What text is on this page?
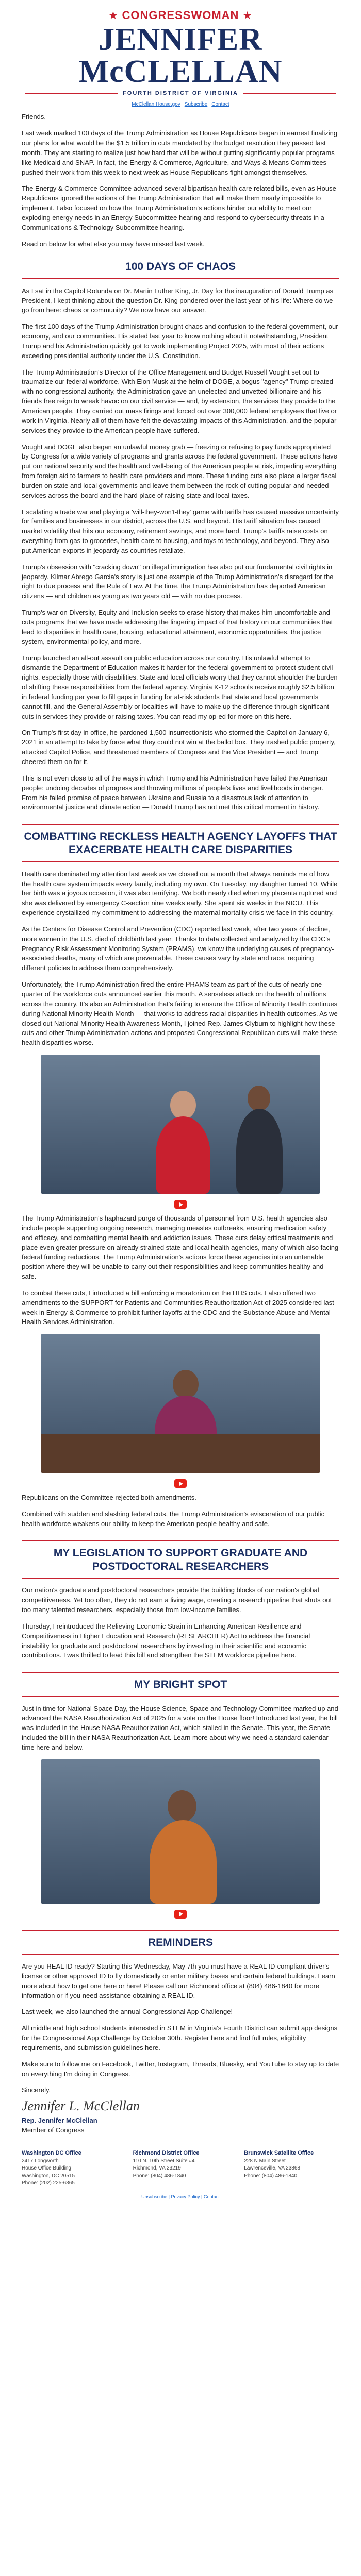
★ CONGRESSWOMAN ★
JENNIFER
McCLELLAN
FOURTH DISTRICT OF VIRGINIA
McClellan.House.gov Subscribe Contact

Friends,

Last week marked 100 days of the Trump Administration as House Republicans began in earnest finalizing our plans for what would be the $1.5 trillion in cuts mandated by the budget resolution they passed last month. They are starting to realize just how hard that will be without gutting significantly popular programs like Medicaid and SNAP. In fact, the Energy & Commerce, Agriculture, and Ways & Means Committees pushed their work from this week to next week as House Republicans fight amongst themselves.

The Energy & Commerce Committee advanced several bipartisan health care related bills, even as House Republicans ignored the actions of the Trump Administration that will make them nearly impossible to implement. I also focused on how the Trump Administration's actions hinder our ability to meet our exploding energy needs in an Energy Subcommittee hearing and respond to cybersecurity threats in a Communications & Technology Subcommittee hearing.

Read on below for what else you may have missed last week.

100 DAYS OF CHAOS

As I sat in the Capitol Rotunda on Dr. Martin Luther King, Jr. Day for the inauguration of Donald Trump as President, I kept thinking about the question Dr. King pondered over the last year of his life: Where do we go from here: chaos or community? We now have our answer.

The first 100 days of the Trump Administration brought chaos and confusion to the federal government, our economy, and our communities. His stated last year to know nothing about it notwithstanding, President Trump and his Administration quickly got to work implementing Project 2025, with most of their actions exceeding presidential authority under the U.S. Constitution.

The Trump Administration's Director of the Office Management and Budget Russell Vought set out to traumatize our federal workforce. With Elon Musk at the helm of DOGE, a bogus "agency" Trump created with no congressional authority, the Administration gave an unelected and unvetted billionaire and his friends free reign to wreak havoc on our civil service — and, by extension, the services they provide to the American people. They carried out mass firings and forced out over 300,000 federal employees that live or work in Virginia. Nearly all of them have felt the devastating impacts of this Administration, and the popular services they provide to the American people have suffered.

Vought and DOGE also began an unlawful money grab — freezing or refusing to pay funds appropriated by Congress for a wide variety of programs and grants across the federal government. These actions have put our national security and the health and well-being of the American people at risk, impeding everything from foreign aid to farmers to health care providers and more. These funding cuts also place a larger fiscal burden on state and local governments and leave them between the rock of cutting popular and needed services across the board and the hard place of raising state and local taxes.

Escalating a trade war and playing a 'will-they-won't-they' game with tariffs has caused massive uncertainty for families and businesses in our district, across the U.S. and beyond. His tariff situation has caused market volatility that hits our economy, retirement savings, and more hard. Trump's tariffs raise costs on everything from gas to groceries, health care to housing, and toys to technology, and beyond. They also put American exports in jeopardy as countries retaliate.

Trump's obsession with "cracking down" on illegal immigration has also put our fundamental civil rights in jeopardy. Kilmar Abrego Garcia's story is just one example of the Trump Administration's disregard for the right to due process and the Rule of Law. At the time, the Trump Administration has deported American citizens — and children as young as two years old — with no due process.

Trump's war on Diversity, Equity and Inclusion seeks to erase history that makes him uncomfortable and cuts programs that we have made addressing the lingering impact of that history on our communities that lead to disparities in health care, housing, educational attainment, economic opportunities, the justice system, environmental policy, and more.

Trump launched an all-out assault on public education across our country. His unlawful attempt to dismantle the Department of Education makes it harder for the federal government to protect student civil rights, especially those with disabilities. State and local officials worry that they cannot shoulder the burden of shifting these responsibilities from the federal agency. Virginia K-12 schools receive roughly $2.5 billion in federal funding per year to fill gaps in funding for at-risk students that state and local governments cannot fill, and the General Assembly or localities will have to make up the difference through significant cuts in services they provide or raising taxes. You can read my op-ed for more on this here.

On Trump's first day in office, he pardoned 1,500 insurrectionists who stormed the Capitol on January 6, 2021 in an attempt to take by force what they could not win at the ballot box. They trashed public property, attacked Capitol Police, and threatened members of Congress and the Vice President — and Trump cheered them on for it.

This is not even close to all of the ways in which Trump and his Administration have failed the American people: undoing decades of progress and throwing millions of people's lives and livelihoods in danger. From his failed promise of peace between Ukraine and Russia to a disastrous lack of attention to environmental justice and climate action — Donald Trump has not met this critical moment in history.

COMBATTING RECKLESS HEALTH AGENCY LAYOFFS THAT EXACERBATE HEALTH CARE DISPARITIES

Health care dominated my attention last week as we closed out a month that always reminds me of how the health care system impacts every family, including my own. On Tuesday, my daughter turned 10. While her birth was a joyous occasion, it was also terrifying. We both nearly died when my placenta ruptured and she was delivered by emergency C-section nine weeks early. She spent six weeks in the NICU. This experience crystallized my commitment to addressing the maternal mortality crisis we face in this country.

As the Centers for Disease Control and Prevention (CDC) reported last week, after two years of decline, more women in the U.S. died of childbirth last year. Thanks to data collected and analyzed by the CDC's Pregnancy Risk Assessment Monitoring System (PRAMS), we know the underlying causes of pregnancy-associated deaths, many of which are preventable. These causes vary by state and race, requiring different policies to address them comprehensively.

Unfortunately, the Trump Administration fired the entire PRAMS team as part of the cuts of nearly one quarter of the workforce cuts announced earlier this month. A senseless attack on the health of millions across the country. It's also an Administration that's failing to ensure the Office of Minority Health continues during National Minority Health Month — that works to address racial disparities in health outcomes. As we closed out National Minority Health Awareness Month, I joined Rep. James Clyburn to highlight how these cuts and other Trump Administration actions and proposed Congressional Republican cuts will make these health disparities worse.

The Trump Administration's haphazard purge of thousands of personnel from U.S. health agencies also include people supporting ongoing research, managing measles outbreaks, ensuring medication safety and efficacy, and combatting mental health and addiction issues. These cuts delay critical treatments and place even greater pressure on already strained state and local health agencies, many of which also facing federal funding reductions. The Trump Administration's actions force these agencies into an untenable position where they will be unable to carry out their responsibilities and keep communities healthy and safe.

To combat these cuts, I introduced a bill enforcing a moratorium on the HHS cuts. I also offered two amendments to the SUPPORT for Patients and Communities Reauthorization Act of 2025 considered last week in Energy & Commerce to prohibit further layoffs at the CDC and the Substance Abuse and Mental Health Services Administration.

Republicans on the Committee rejected both amendments.

Combined with sudden and slashing federal cuts, the Trump Administration's evisceration of our public health workforce weakens our ability to keep the American people healthy and safe.

MY LEGISLATION TO SUPPORT GRADUATE AND POSTDOCTORAL RESEARCHERS

Our nation's graduate and postdoctoral researchers provide the building blocks of our nation's global competitiveness. Yet too often, they do not earn a living wage, creating a research pipeline that shuts out too many talented researchers, especially those from low-income families.

Thursday, I reintroduced the Relieving Economic Strain in Enhancing American Resilience and Competitiveness in Higher Education and Research (RESEARCHER) Act to address the financial instability for graduate and postdoctoral researchers by investing in their scientific and economic contributions. I was thrilled to lead this bill and strengthen the STEM workforce pipeline here.

MY BRIGHT SPOT

Just in time for National Space Day, the House Science, Space and Technology Committee marked up and advanced the NASA Reauthorization Act of 2025 for a vote on the House floor! Introduced last year, the bill was included in the House NASA Reauthorization Act, which stalled in the Senate. This year, the Senate included the bill in their NASA Reauthorization Act. Learn more about why we need a standard calendar time here and below.

REMINDERS

Are you REAL ID ready? Starting this Wednesday, May 7th you must have a REAL ID-compliant driver's license or other approved ID to fly domestically or enter military bases and certain federal buildings. Learn more about how to get one here or here! Please call our Richmond office at (804) 486-1840 for more information or if you need assistance obtaining a REAL ID.

Last week, we also launched the annual Congressional App Challenge!

All middle and high school students interested in STEM in Virginia's Fourth District can submit app designs for the Congressional App Challenge by October 30th. Register here and find full rules, eligibility requirements, and submission guidelines here.

Make sure to follow me on Facebook, Twitter, Instagram, Threads, Bluesky, and YouTube to stay up to date on everything I'm doing in Congress.

Sincerely,
Jennifer L. McClellan
Rep. Jennifer McClellan
Member of Congress
Washington DC Office
2417 Longworth
House Office Building
Washington, DC 20515
Phone: (202) 225-6365
Richmond District Office
110 N. 10th Street Suite #4
Richmond, VA 23219
Phone: (804) 486-1840
Brunswick Satellite Office
228 N Main Street
Lawrenceville, VA 23868
Phone: (804) 486-1840
Unsubscribe | Privacy Policy | Contact
